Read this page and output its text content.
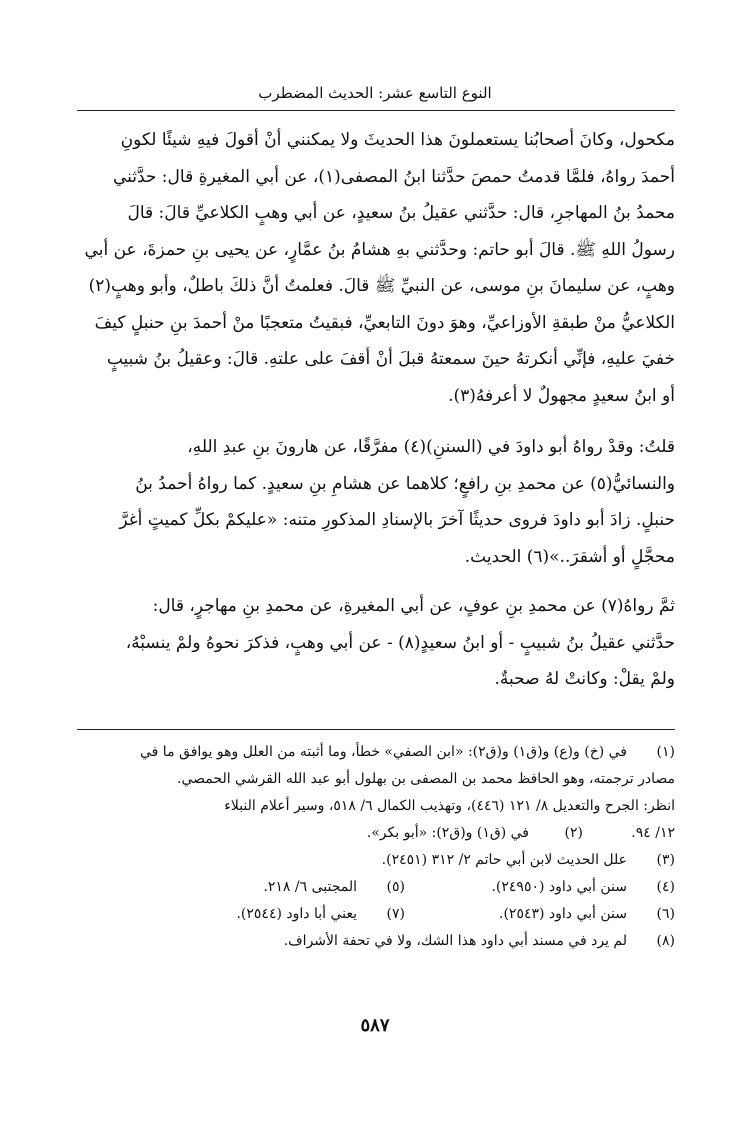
النوع التاسع عشر: الحديث المضطرب

مكحول، وكانَ أصحابُنا يستعملونَ هذا الحديثَ ولا يمكنني أنْ أقولَ فيهِ شيئًا لكونِ

أحمدَ رواهُ، فلمَّا قدمتُ حمصَ حدَّثنا ابنُ المصفى(١)، عن أبي المغيرةِ قال: حدَّثني

محمدُ بنُ المهاجرِ، قال: حدَّثني عقيلُ بنُ سعيدٍ، عن أبي وهبٍ الكلاعيِّ قالَ: قالَ

رسولُ اللهِ ﷺ. قالَ أبو حاتم: وحدَّثني بهِ هشامُ بنُ عمَّارٍ، عن يحيى بنِ حمزةَ، عن أبي

وهبٍ، عن سليمانَ بنِ موسى، عن النبيِّ ﷺ قالَ. فعلمتُ أنَّ ذلكَ باطلٌ، وأبو وهبٍ(٢)

الكلاعيُّ منْ طبقةِ الأوزاعيِّ، وهوَ دونَ التابعيِّ، فبقيتُ متعجبًا منْ أحمدَ بنِ حنبلٍ كيفَ

خفيَ عليهِ، فإنِّي أنكرتهُ حينَ سمعتهُ قبلَ أنْ أقفَ على علتهِ. قالَ: وعقيلُ بنُ شبيبٍ

أو ابنُ سعيدٍ مجهولٌ لا أعرفهُ(٣).

قلتُ: وقدْ رواهُ أبو داودَ في (السننِ)(٤) مفرَّقًا، عن هارونَ بنِ عبدِ اللهِ،

والنسائيُّ(٥) عن محمدِ بنِ رافعٍ؛ كلاهما عن هشامِ بنِ سعيدٍ. كما رواهُ أحمدُ بنُ

حنبلٍ. زادَ أبو داودَ فروى حديثًا آخرَ بالإسنادِ المذكورِ متنه: «عليكمْ بكلِّ كميتٍ أغرَّ

محجَّلٍ أو أشقرَ..»(٦) الحديث.

ثمَّ رواهُ(٧) عن محمدِ بنِ عوفٍ، عن أبي المغيرةِ، عن محمدِ بنِ مهاجرٍ، قال:

حدَّثني عقيلُ بنُ شبيبٍ - أو ابنُ سعيدٍ(٨) - عن أبي وهبٍ، فذكرَ نحوهُ ولمْ ينسبْهُ،

ولمْ يقلْ: وكانتْ لهُ صحبةٌ.

(١)
في (خ) و(ع) و(ق١) و(ق٢): «ابن الصفي» خطأ، وما أثبته من العلل وهو يوافق ما في
مصادر ترجمته، وهو الحافظ محمد بن المصفى بن بهلول أبو عبد الله القرشي الحمصي.
انظر: الجرح والتعديل ٨/ ١٢١ (٤٤٦)، وتهذيب الكمال ٦/ ٥١٨، وسير أعلام النبلاء
١٢/ ٩٤.
(٢)
في (ق١) و(ق٢): «أبو بكر».
(٣)
علل الحديث لابن أبي حاتم ٢/ ٣١٢ (٢٤٥١).
(٤)
سنن أبي داود (٢٤٩٥٠).
(٥)
المجتبى ٦/ ٢١٨.
(٦)
سنن أبي داود (٢٥٤٣).
(٧)
يعني أبا داود (٢٥٤٤).
(٨)
لم يرد في مسند أبي داود هذا الشك، ولا في تحفة الأشراف.
٥٨٧
